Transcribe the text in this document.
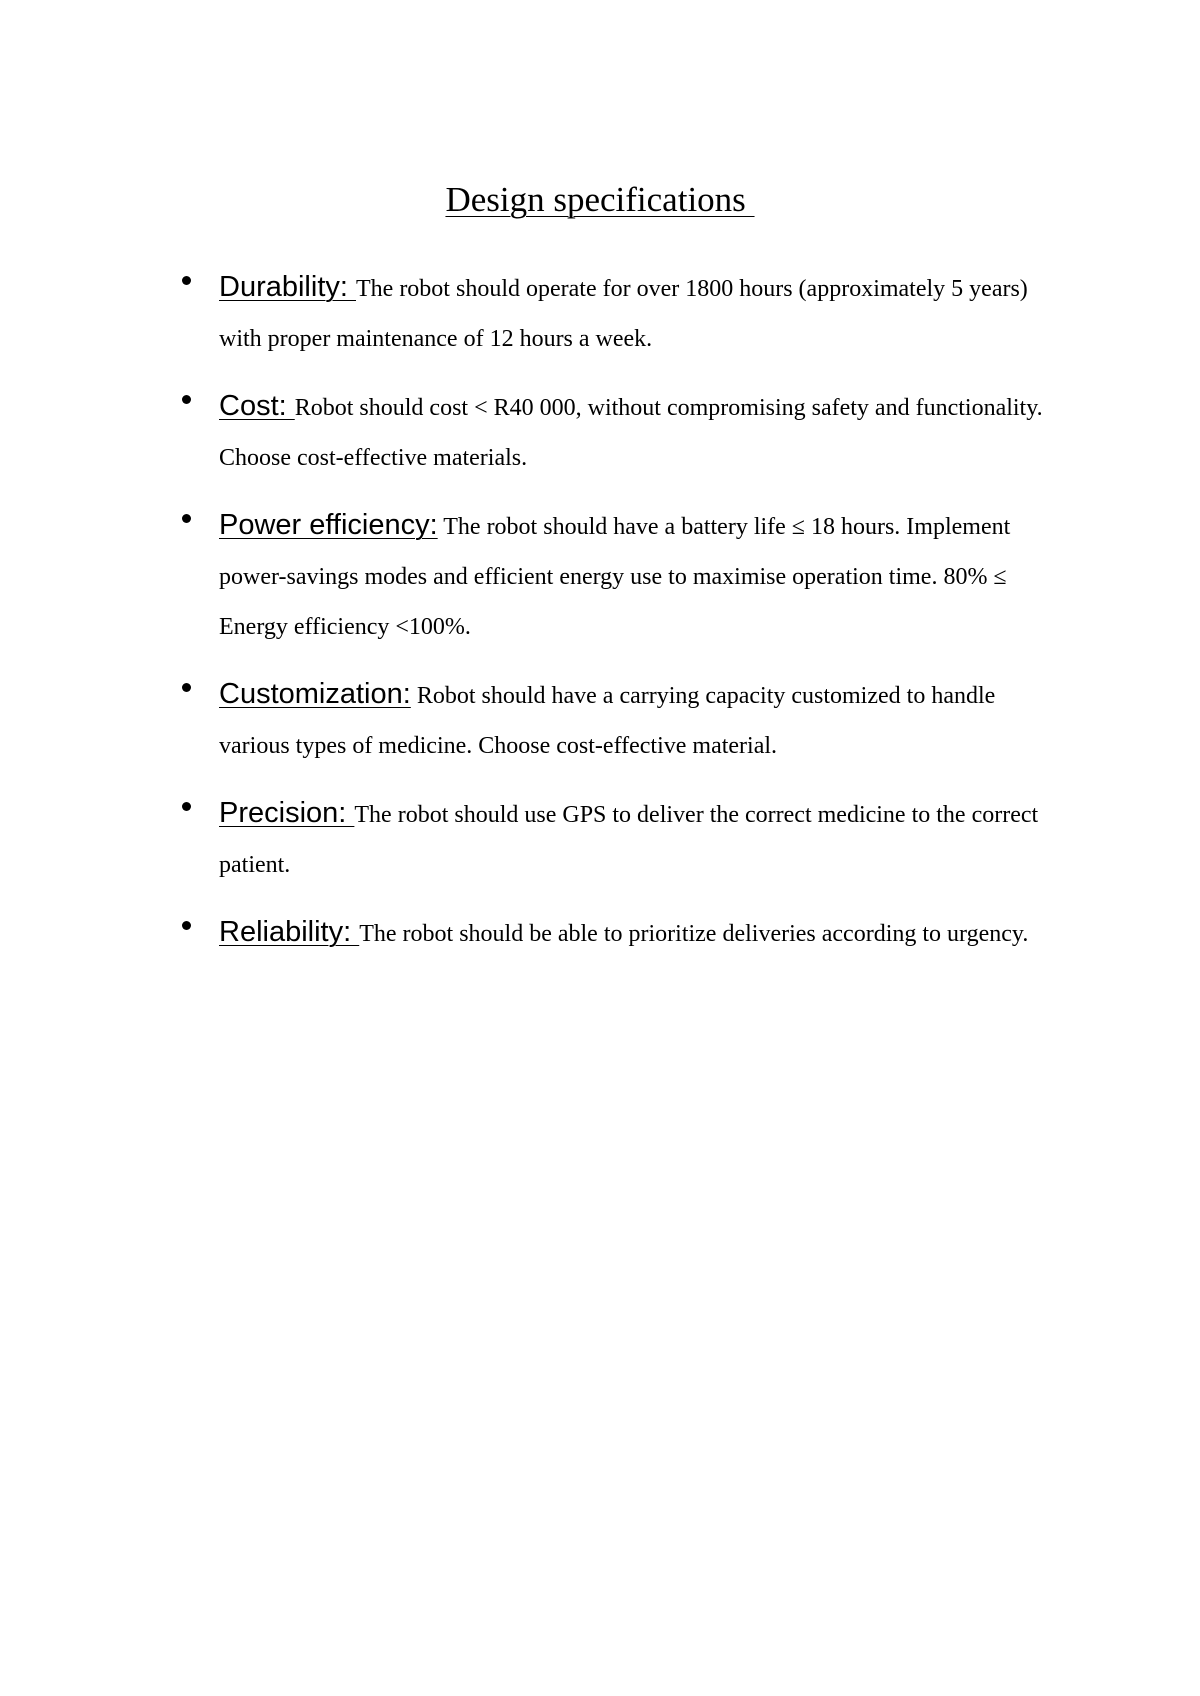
Design specifications
Durability: The robot should operate for over 1800 hours (approximately 5 years) with proper maintenance of 12 hours a week.
Cost: Robot should cost < R40 000, without compromising safety and functionality. Choose cost-effective materials.
Power efficiency: The robot should have a battery life ≤ 18 hours. Implement power-savings modes and efficient energy use to maximise operation time. 80% ≤ Energy efficiency <100%.
Customization: Robot should have a carrying capacity customized to handle various types of medicine. Choose cost-effective material.
Precision: The robot should use GPS to deliver the correct medicine to the correct patient.
Reliability: The robot should be able to prioritize deliveries according to urgency.
